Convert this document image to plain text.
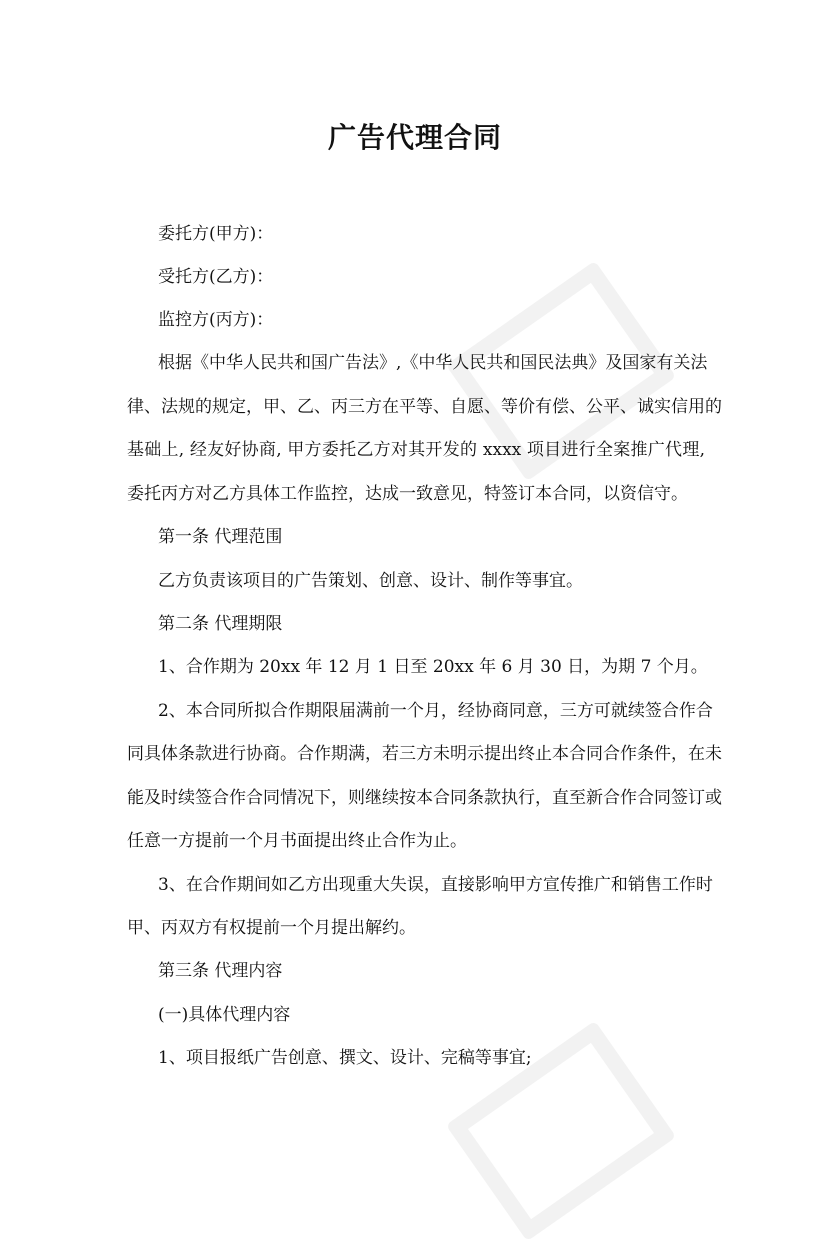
广告代理合同
委托方(甲方)：
受托方(乙方)：
监控方(丙方)：
根据《中华人民共和国广告法》,《中华人民共和国民法典》及国家有关法
律、法规的规定，甲、乙、丙三方在平等、自愿、等价有偿、公平、诚实信用的
基础上, 经友好协商, 甲方委托乙方对其开发的 xxxx 项目进行全案推广代理,
委托丙方对乙方具体工作监控，达成一致意见，特签订本合同，以资信守。
第一条 代理范围
乙方负责该项目的广告策划、创意、设计、制作等事宜。
第二条 代理期限
1、合作期为 20xx 年 12 月 1 日至 20xx 年 6 月 30 日，为期 7 个月。
2、本合同所拟合作期限届满前一个月，经协商同意，三方可就续签合作合
同具体条款进行协商。合作期满，若三方未明示提出终止本合同合作条件，在未
能及时续签合作合同情况下，则继续按本合同条款执行，直至新合作合同签订或
任意一方提前一个月书面提出终止合作为止。
3、在合作期间如乙方出现重大失误，直接影响甲方宣传推广和销售工作时
甲、丙双方有权提前一个月提出解约。
第三条 代理内容
(一)具体代理内容
1、项目报纸广告创意、撰文、设计、完稿等事宜;
